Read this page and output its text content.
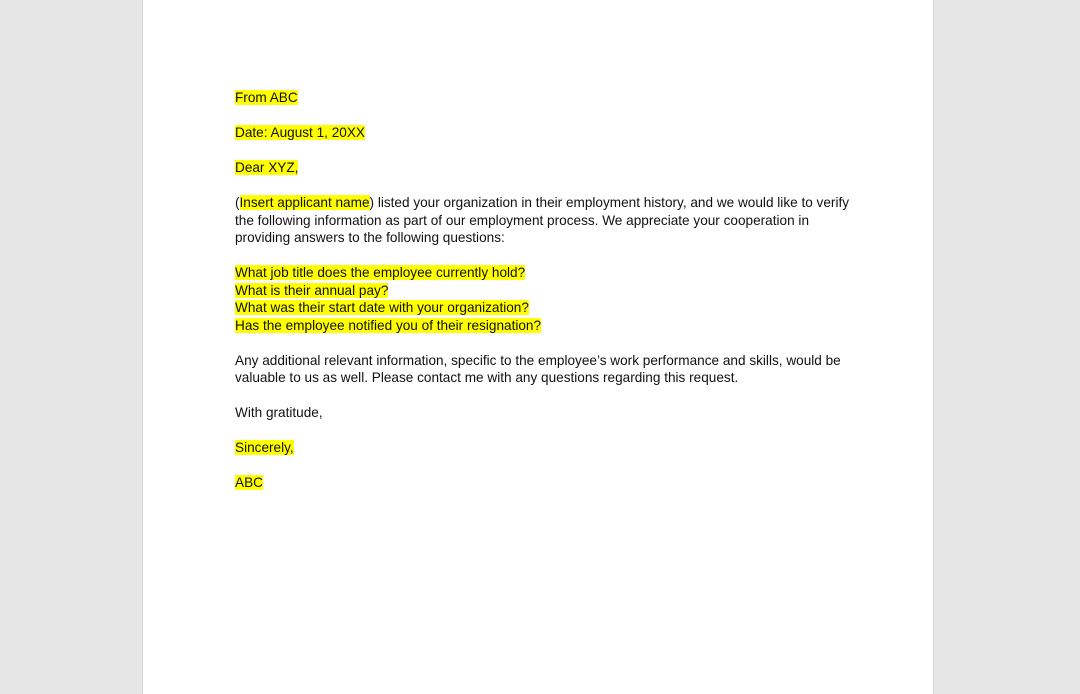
From ABC

Date: August 1, 20XX

Dear XYZ,

(Insert applicant name) listed your organization in their employment history, and we would like to verify the following information as part of our employment process. We appreciate your cooperation in providing answers to the following questions:

What job title does the employee currently hold?
What is their annual pay?
What was their start date with your organization?
Has the employee notified you of their resignation?

Any additional relevant information, specific to the employee’s work performance and skills, would be valuable to us as well. Please contact me with any questions regarding this request.

With gratitude,

Sincerely,

ABC
